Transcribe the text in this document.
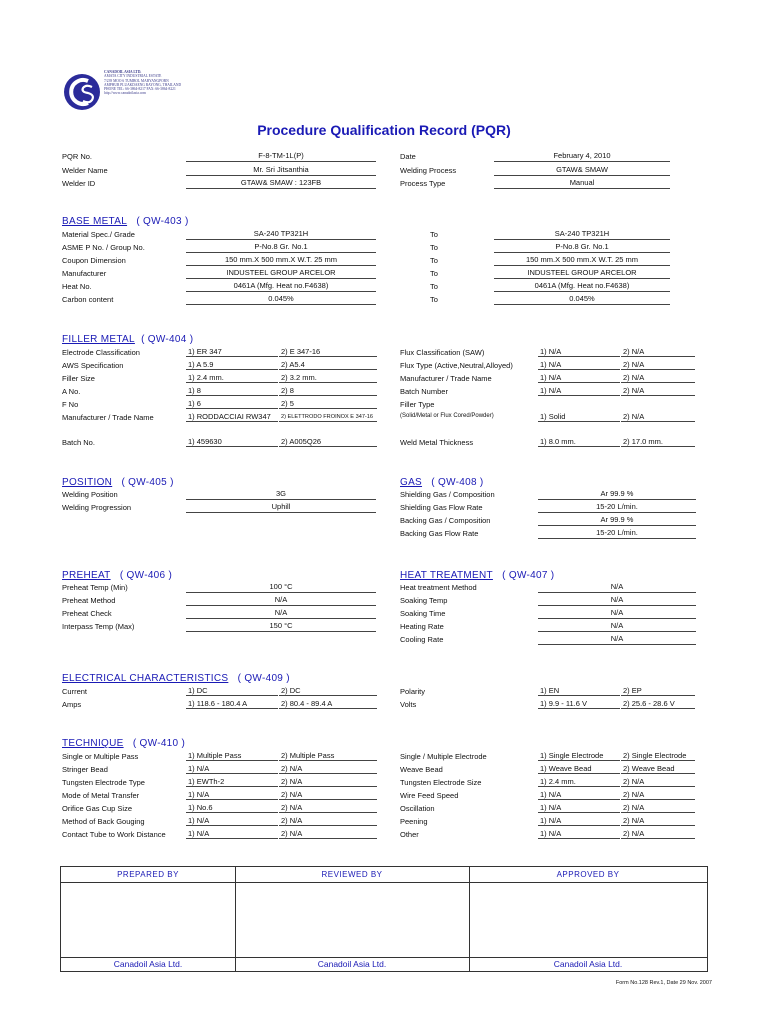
CANADOIL ASIA LTD.
AMATA CITY INDUSTRIAL ESTATE
7/239 MOO 6 TUMBOL MABYANGPORN
AMPHUR PLUAKDAENG RAYONG, THAILAND
PHONE TEL: 66-3864-8217 FAX: 66-3864-8221
http://www.canadoilasia.com
Procedure Qualification Record (PQR)
PQR No.	F-8-TM-1L(P)	Date	February 4, 2010
Welder Name	Mr. Sri Jitsanthia	Welding Process	GTAW& SMAW
Welder ID	GTAW& SMAW : 123FB	Process Type	Manual
BASE METAL ( QW-403 )
Material Spec./ Grade	SA-240 TP321H	To	SA-240 TP321H
ASME P No. / Group No.	P-No.8 Gr. No.1	To	P-No.8 Gr. No.1
Coupon Dimension	150 mm.X 500 mm.X W.T. 25 mm	To	150 mm.X 500 mm.X W.T. 25 mm
Manufacturer	INDUSTEEL GROUP ARCELOR	To	INDUSTEEL GROUP ARCELOR
Heat No.	0461A (Mfg. Heat no.F4638)	To	0461A (Mfg. Heat no.F4638)
Carbon content	0.045%	To	0.045%
FILLER METAL ( QW-404 )
Electrode Classification	1) ER 347	2) E 347-16	Flux Classification (SAW)	1) N/A	2) N/A
AWS Specification	1) A 5.9	2) A5.4	Flux Type (Active,Neutral,Alloyed)	1) N/A	2) N/A
Filler Size	1) 2.4 mm.	2) 3.2 mm.	Manufacturer / Trade Name	1) N/A	2) N/A
A No.	1) 8	2) 8	Batch Number	1) N/A	2) N/A
F No	1) 6	2) 5	Filler Type
Manufacturer / Trade Name	1) RODDACCIAI RW347	2) ELETTRODO FROINOX E 347-16	(Solid/Metal or Flux Cored/Powder)	1) Solid	2) N/A
Batch No.	1) 459630	2) A005Q26	Weld Metal Thickness	1) 8.0 mm.	2) 17.0 mm.
POSITION ( QW-405 )	GAS ( QW-408 )
Welding Position	3G
Welding Progression	Uphill
Shielding Gas / Composition	Ar 99.9 %
Shielding Gas Flow Rate	15-20 L/min.
Backing Gas / Composition	Ar 99.9 %
Backing Gas Flow Rate	15-20 L/min.
PREHEAT ( QW-406 )	HEAT TREATMENT ( QW-407 )
Preheat Temp (Min)	100 °C
Preheat Method	N/A
Preheat Check	N/A
Interpass Temp (Max)	150 °C
Heat treatment Method	N/A
Soaking Temp	N/A
Soaking Time	N/A
Heating Rate	N/A
Cooling Rate	N/A
ELECTRICAL CHARACTERISTICS ( QW-409 )
Current	1) DC	2) DC	Polarity	1) EN	2) EP
Amps	1) 118.6 - 180.4 A	2) 80.4 - 89.4 A	Volts	1) 9.9 - 11.6 V	2) 25.6 - 28.6 V
TECHNIQUE ( QW-410 )
Single or Multiple Pass	1) Multiple Pass	2) Multiple Pass	Single / Multiple Electrode	1) Single Electrode	2) Single Electrode
Stringer Bead	1) N/A	2) N/A	Weave Bead	1) Weave Bead	2) Weave Bead
Tungsten Electrode Type	1) EWTh-2	2) N/A	Tungsten Electrode Size	1) 2.4 mm.	2) N/A
Mode of Metal Transfer	1) N/A	2) N/A	Wire Feed Speed	1) N/A	2) N/A
Orifice Gas Cup Size	1) No.6	2) N/A	Oscillation	1) N/A	2) N/A
Method of Back Gouging	1) N/A	2) N/A	Peening	1) N/A	2) N/A
Contact Tube to Work Distance	1) N/A	2) N/A	Other	1) N/A	2) N/A
PREPARED BY	REVIEWED BY	APPROVED BY
Canadoil Asia Ltd.	Canadoil Asia Ltd.	Canadoil Asia Ltd.
Form No.128 Rev.1, Date 29 Nov. 2007
